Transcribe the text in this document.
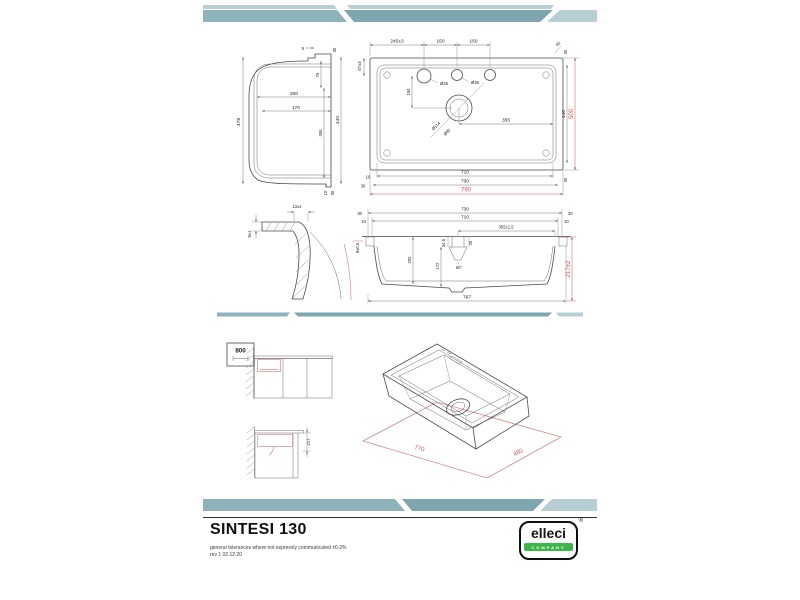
478
200
170
75
355
440
9	30
10 30
Ø35	Ø35
245±3	150	150
67±3
150
Ø114
Ø90
355
440 500
30
45
30
710
10
730
30
790
13±1
9±1
730
30	30
710
10	10
34,5	25
355±1,5
60°
200
172
9±0,5
767
217±2
800
217
770	480
SINTESI 130
general tolerances where not expressly communicated ±0.2%
rev 1 02.12.20
®
elleci
COMPANY
